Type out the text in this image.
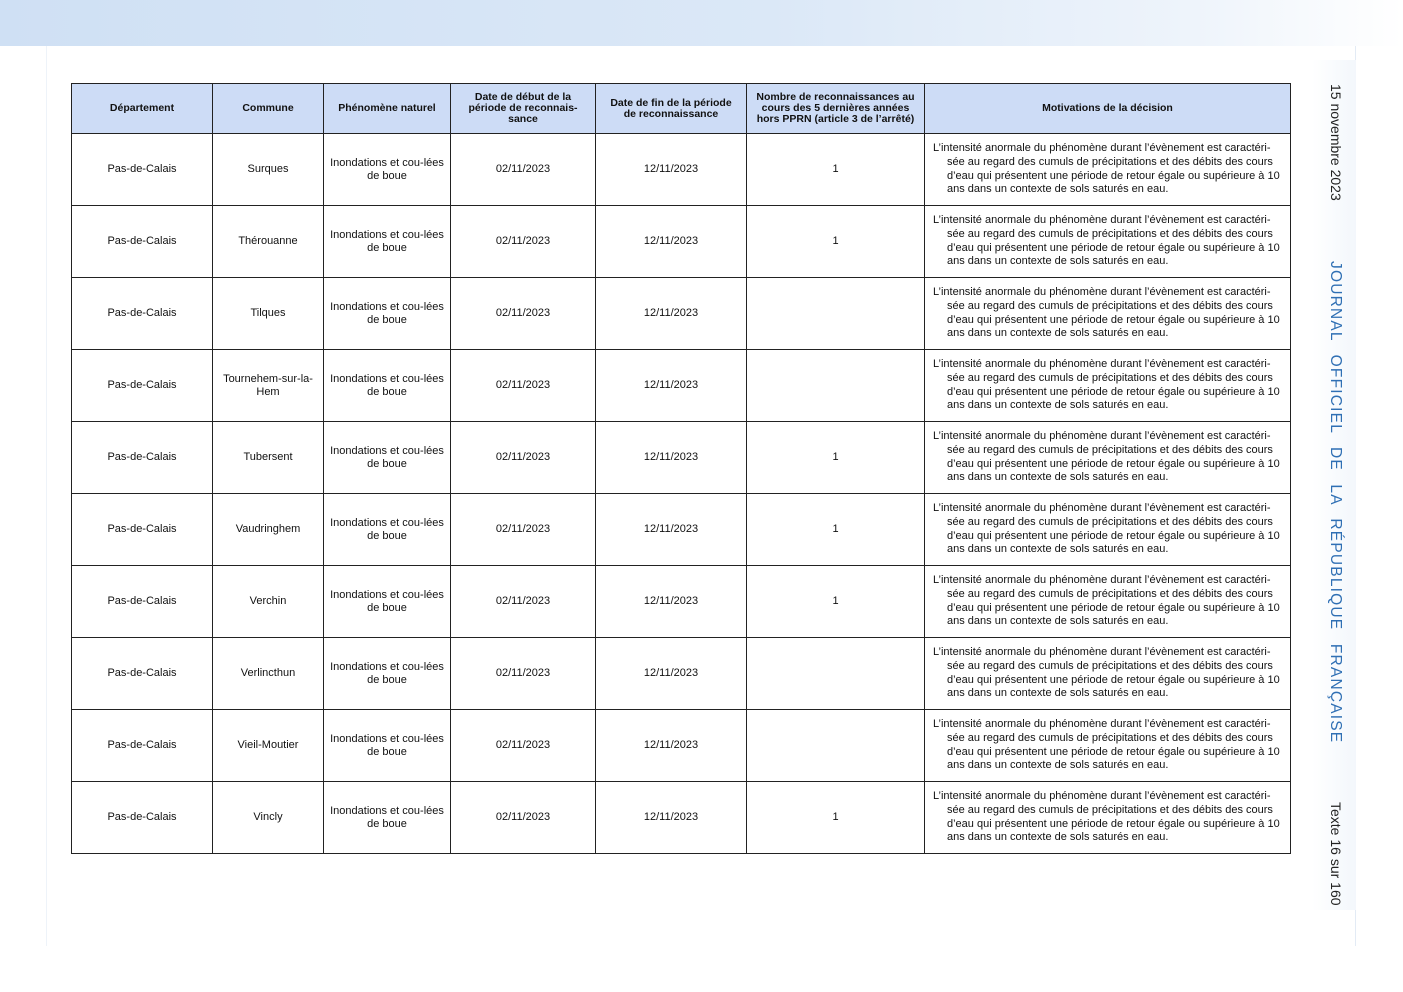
Département	Commune	Phénomène naturel	Date de début de la période de reconnais-sance	Date de fin de la période de reconnaissance	Nombre de reconnaissances au cours des 5 dernières années hors PPRN (article 3 de l’arrêté)	Motivations de la décision
Pas-de-Calais	Surques	Inondations et cou-lées de boue	02/11/2023	12/11/2023	1	L’intensité anormale du phénomène durant l’évènement est caractéri-sée au regard des cumuls de précipitations et des débits des cours d’eau qui présentent une période de retour égale ou supérieure à 10 ans dans un contexte de sols saturés en eau.
Pas-de-Calais	Thérouanne	Inondations et cou-lées de boue	02/11/2023	12/11/2023	1	L’intensité anormale du phénomène durant l’évènement est caractéri-sée au regard des cumuls de précipitations et des débits des cours d’eau qui présentent une période de retour égale ou supérieure à 10 ans dans un contexte de sols saturés en eau.
Pas-de-Calais	Tilques	Inondations et cou-lées de boue	02/11/2023	12/11/2023		L’intensité anormale du phénomène durant l’évènement est caractéri-sée au regard des cumuls de précipitations et des débits des cours d’eau qui présentent une période de retour égale ou supérieure à 10 ans dans un contexte de sols saturés en eau.
Pas-de-Calais	Tournehem-sur-la-Hem	Inondations et cou-lées de boue	02/11/2023	12/11/2023		L’intensité anormale du phénomène durant l’évènement est caractéri-sée au regard des cumuls de précipitations et des débits des cours d’eau qui présentent une période de retour égale ou supérieure à 10 ans dans un contexte de sols saturés en eau.
Pas-de-Calais	Tubersent	Inondations et cou-lées de boue	02/11/2023	12/11/2023	1	L’intensité anormale du phénomène durant l’évènement est caractéri-sée au regard des cumuls de précipitations et des débits des cours d’eau qui présentent une période de retour égale ou supérieure à 10 ans dans un contexte de sols saturés en eau.
Pas-de-Calais	Vaudringhem	Inondations et cou-lées de boue	02/11/2023	12/11/2023	1	L’intensité anormale du phénomène durant l’évènement est caractéri-sée au regard des cumuls de précipitations et des débits des cours d’eau qui présentent une période de retour égale ou supérieure à 10 ans dans un contexte de sols saturés en eau.
Pas-de-Calais	Verchin	Inondations et cou-lées de boue	02/11/2023	12/11/2023	1	L’intensité anormale du phénomène durant l’évènement est caractéri-sée au regard des cumuls de précipitations et des débits des cours d’eau qui présentent une période de retour égale ou supérieure à 10 ans dans un contexte de sols saturés en eau.
Pas-de-Calais	Verlincthun	Inondations et cou-lées de boue	02/11/2023	12/11/2023		L’intensité anormale du phénomène durant l’évènement est caractéri-sée au regard des cumuls de précipitations et des débits des cours d’eau qui présentent une période de retour égale ou supérieure à 10 ans dans un contexte de sols saturés en eau.
Pas-de-Calais	Vieil-Moutier	Inondations et cou-lées de boue	02/11/2023	12/11/2023		L’intensité anormale du phénomène durant l’évènement est caractéri-sée au regard des cumuls de précipitations et des débits des cours d’eau qui présentent une période de retour égale ou supérieure à 10 ans dans un contexte de sols saturés en eau.
Pas-de-Calais	Vincly	Inondations et cou-lées de boue	02/11/2023	12/11/2023	1	L’intensité anormale du phénomène durant l’évènement est caractéri-sée au regard des cumuls de précipitations et des débits des cours d’eau qui présentent une période de retour égale ou supérieure à 10 ans dans un contexte de sols saturés en eau.
15 novembre 2023
JOURNAL OFFICIEL DE LA RÉPUBLIQUE FRANÇAISE
Texte 16 sur 160
